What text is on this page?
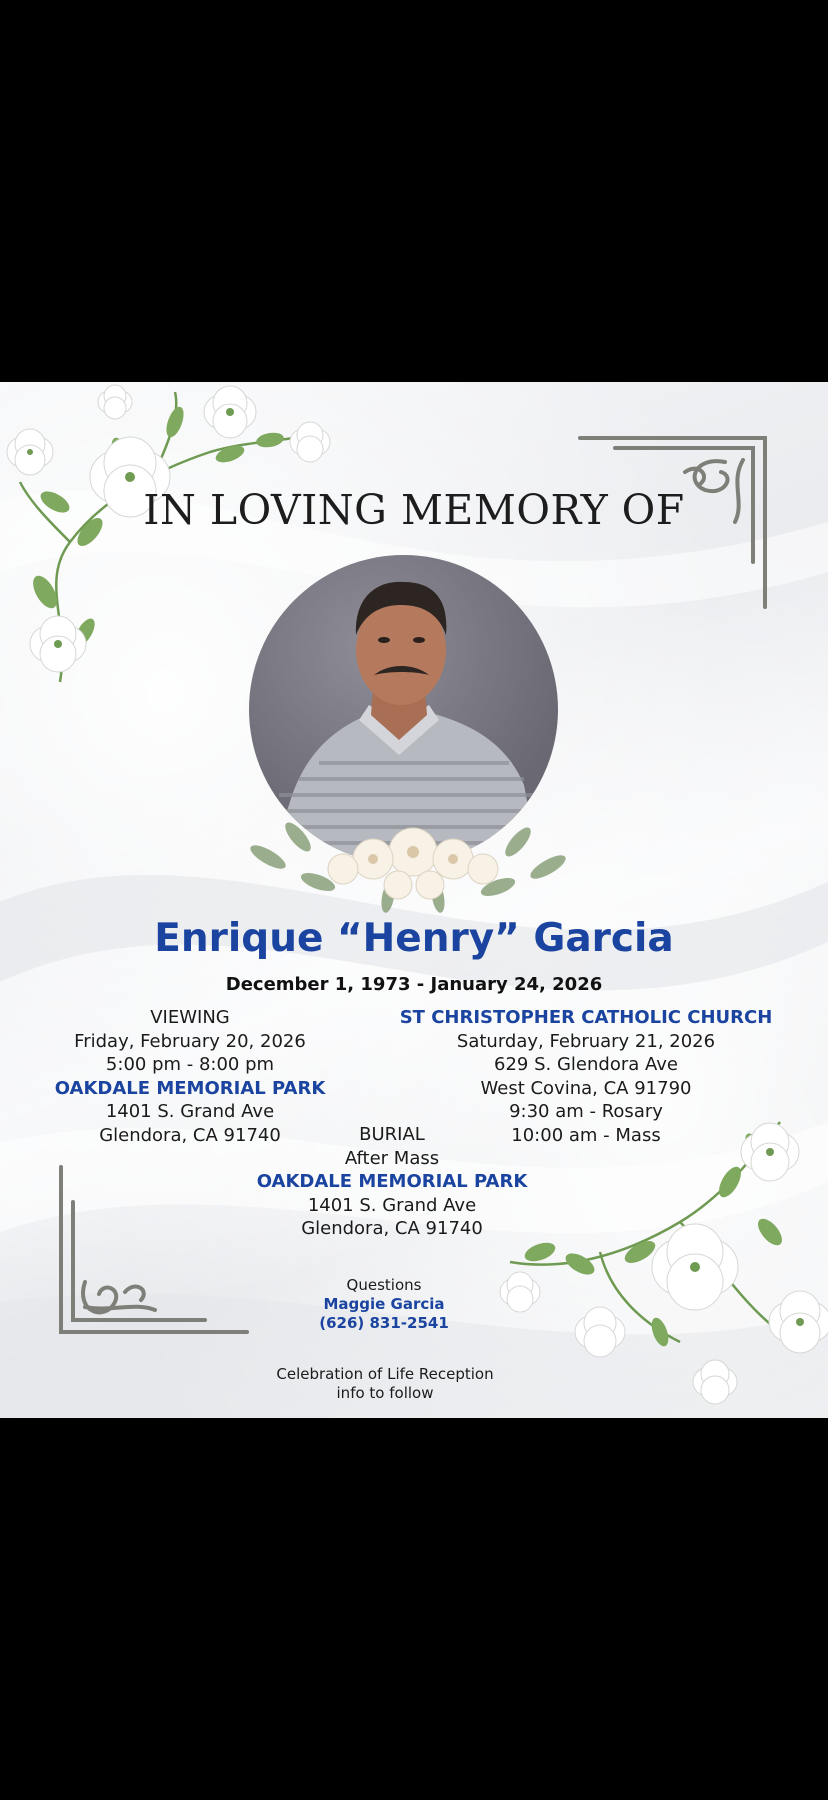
IN LOVING MEMORY OF
Enrique “Henry” Garcia
December 1, 1973 - January 24, 2026
VIEWING
Friday, February 20, 2026
5:00 pm - 8:00 pm
OAKDALE MEMORIAL PARK
1401 S. Grand Ave
Glendora, CA 91740
ST CHRISTOPHER CATHOLIC CHURCH
Saturday, February 21, 2026
629 S. Glendora Ave
West Covina, CA 91790
9:30 am - Rosary
10:00 am - Mass
BURIAL
After Mass
OAKDALE MEMORIAL PARK
1401 S. Grand Ave
Glendora, CA 91740
Questions
Maggie Garcia
(626) 831-2541
Celebration of Life Reception
info to follow
